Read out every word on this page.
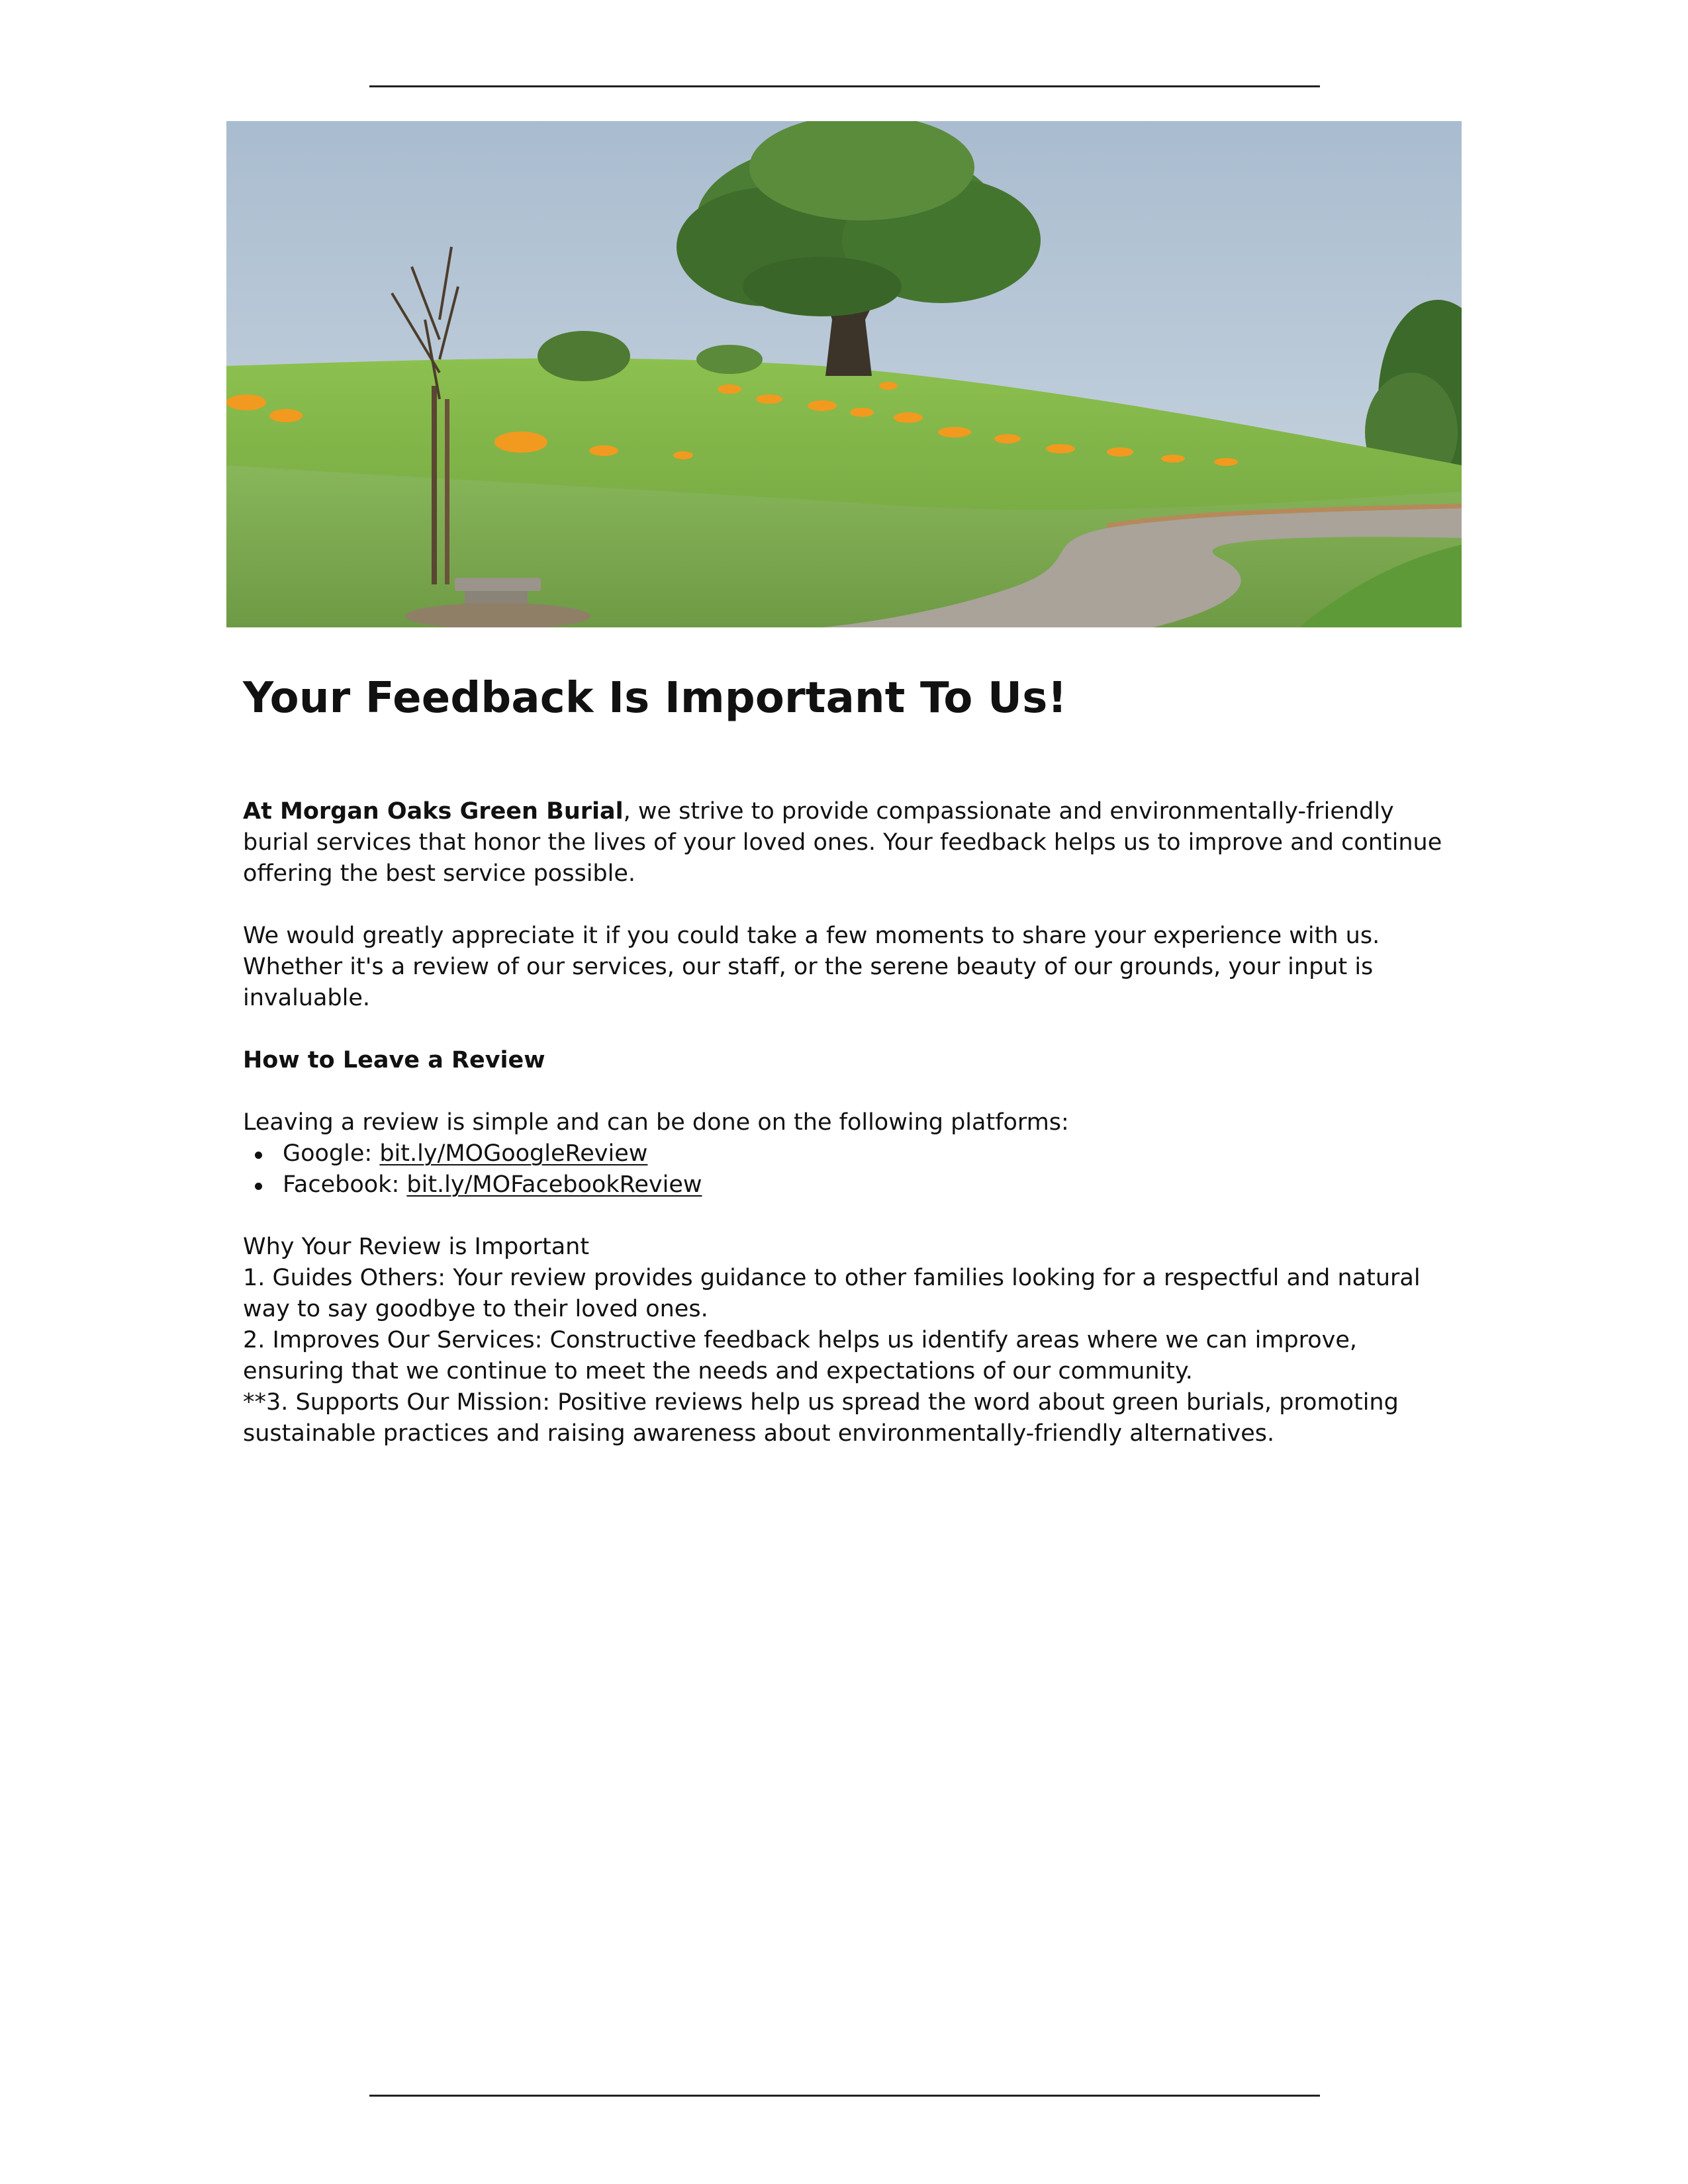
Your Feedback Is Important To Us!

At Morgan Oaks Green Burial, we strive to provide compassionate and environmentally-friendly burial services that honor the lives of your loved ones. Your feedback helps us to improve and continue offering the best service possible.

We would greatly appreciate it if you could take a few moments to share your experience with us. Whether it's a review of our services, our staff, or the serene beauty of our grounds, your input is invaluable.

How to Leave a Review

Leaving a review is simple and can be done on the following platforms:

Google: bit.ly/MOGoogleReview
Facebook: bit.ly/MOFacebookReview

Why Your Review is Important

1. Guides Others: Your review provides guidance to other families looking for a respectful and natural way to say goodbye to their loved ones.

2. Improves Our Services: Constructive feedback helps us identify areas where we can improve, ensuring that we continue to meet the needs and expectations of our community.

**3. Supports Our Mission: Positive reviews help us spread the word about green burials, promoting sustainable practices and raising awareness about environmentally-friendly alternatives.
